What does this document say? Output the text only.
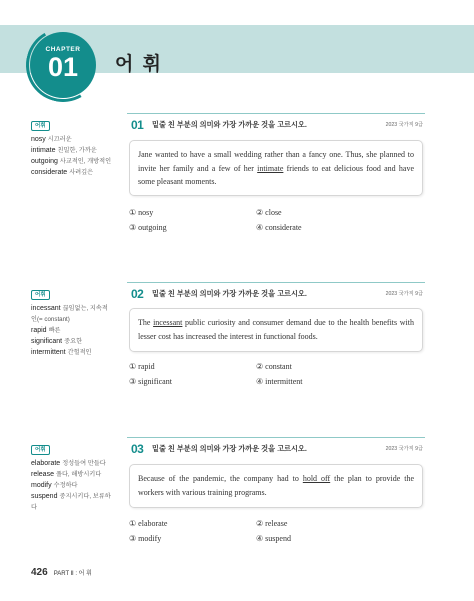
CHAPTER
01 어 휘
어휘
nosy 시끄러운
intimate 친밀한, 가까운
outgoing 사교적인, 개방적인
considerate 사려깊은
어휘
incessant 끊임없는, 지속적인(= constant)
rapid 빠른
significant 중요한
intermittent 간헐적인
어휘
elaborate 정성들여 만들다
release 풀다, 해방시키다
modify 수정하다
suspend 중지시키다, 보류하다
01 밑줄 친 부분의 의미와 가장 가까운 것을 고르시오.	2023 국가직 9급
Jane wanted to have a small wedding rather than a fancy one. Thus, she planned to invite her family and a few of her intimate friends to eat delicious food and have some pleasant moments.
① nosy	② close
③ outgoing	④ considerate
02 밑줄 친 부분의 의미와 가장 가까운 것을 고르시오.	2023 국가직 9급
The incessant public curiosity and consumer demand due to the health benefits with lesser cost has increased the interest in functional foods.
① rapid	② constant
③ significant	④ intermittent
03 밑줄 친 부분의 의미와 가장 가까운 것을 고르시오.	2023 국가직 9급
Because of the pandemic, the company had to hold off the plan to provide the workers with various training programs.
① elaborate	② release
③ modify	④ suspend
426 PART Ⅱ : 어 휘
